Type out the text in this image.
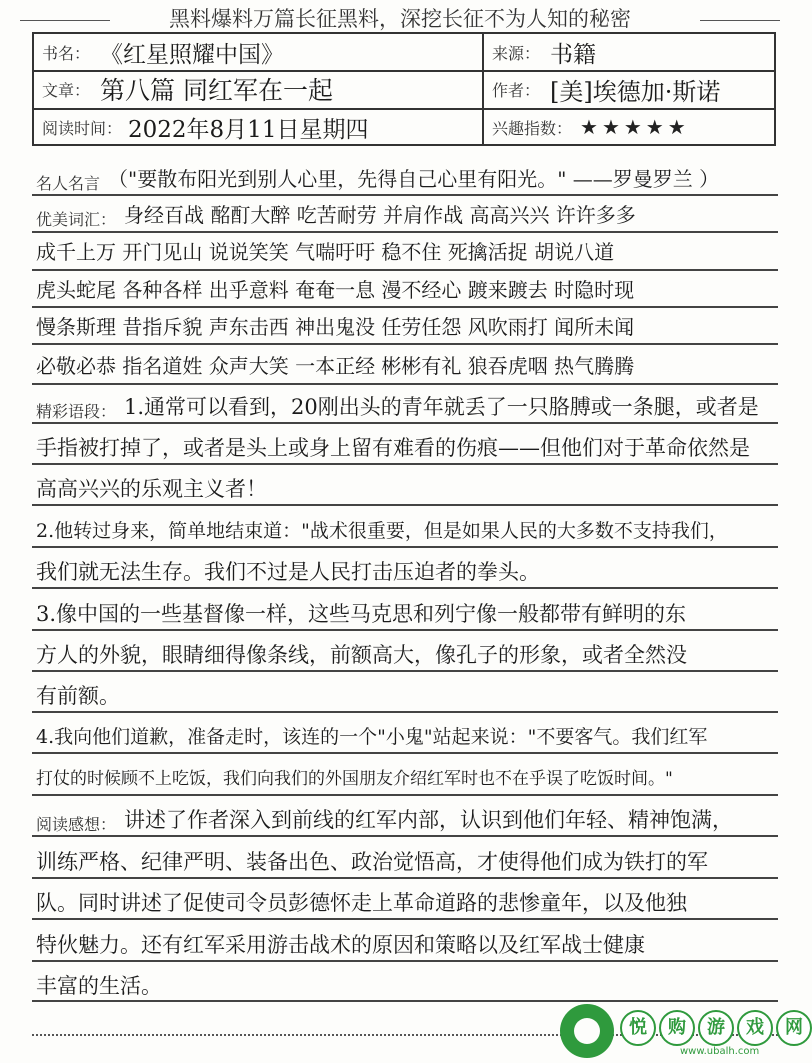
黑料爆料万篇长征黑料，深挖长征不为人知的秘密
书名： 《红星照耀中国》	来源： 书籍
文章： 第八篇 同红军在一起	作者： [美]埃德加·斯诺
阅读时间： 2022年8月11日星期四	兴趣指数： ★★★★★
名人名言 （"要散布阳光到别人心里，先得自己心里有阳光。" ——罗曼罗兰 ）
优美词汇： 身经百战 酩酊大醉 吃苦耐劳 并肩作战 高高兴兴 许许多多
成千上万 开门见山 说说笑笑 气喘吁吁 稳不住 死擒活捉 胡说八道
虎头蛇尾 各种各样 出乎意料 奄奄一息 漫不经心 踱来踱去 时隐时现
慢条斯理 昔指斥貌 声东击西 神出鬼没 任劳任怨 风吹雨打 闻所未闻
必敬必恭 指名道姓 众声大笑 一本正经 彬彬有礼 狼吞虎咽 热气腾腾
精彩语段： 1.通常可以看到，20刚出头的青年就丢了一只胳膊或一条腿，或者是
手指被打掉了，或者是头上或身上留有难看的伤痕——但他们对于革命依然是
高高兴兴的乐观主义者！
2.他转过身来，简单地结束道："战术很重要，但是如果人民的大多数不支持我们，
我们就无法生存。我们不过是人民打击压迫者的拳头。
3.像中国的一些基督像一样，这些马克思和列宁像一般都带有鲜明的东
方人的外貌，眼睛细得像条线，前额高大，像孔子的形象，或者全然没
有前额。
4.我向他们道歉，准备走时，该连的一个"小鬼"站起来说："不要客气。我们红军
打仗的时候顾不上吃饭，我们向我们的外国朋友介绍红军时也不在乎误了吃饭时间。"
阅读感想： 讲述了作者深入到前线的红军内部，认识到他们年轻、精神饱满，
训练严格、纪律严明、装备出色、政治觉悟高，才使得他们成为铁打的军
队。同时讲述了促使司令员彭德怀走上革命道路的悲惨童年，以及他独
特伙魅力。还有红军采用游击战术的原因和策略以及红军战士健康
丰富的生活。
悦	购	游	戏	网
www.ubalh.com
